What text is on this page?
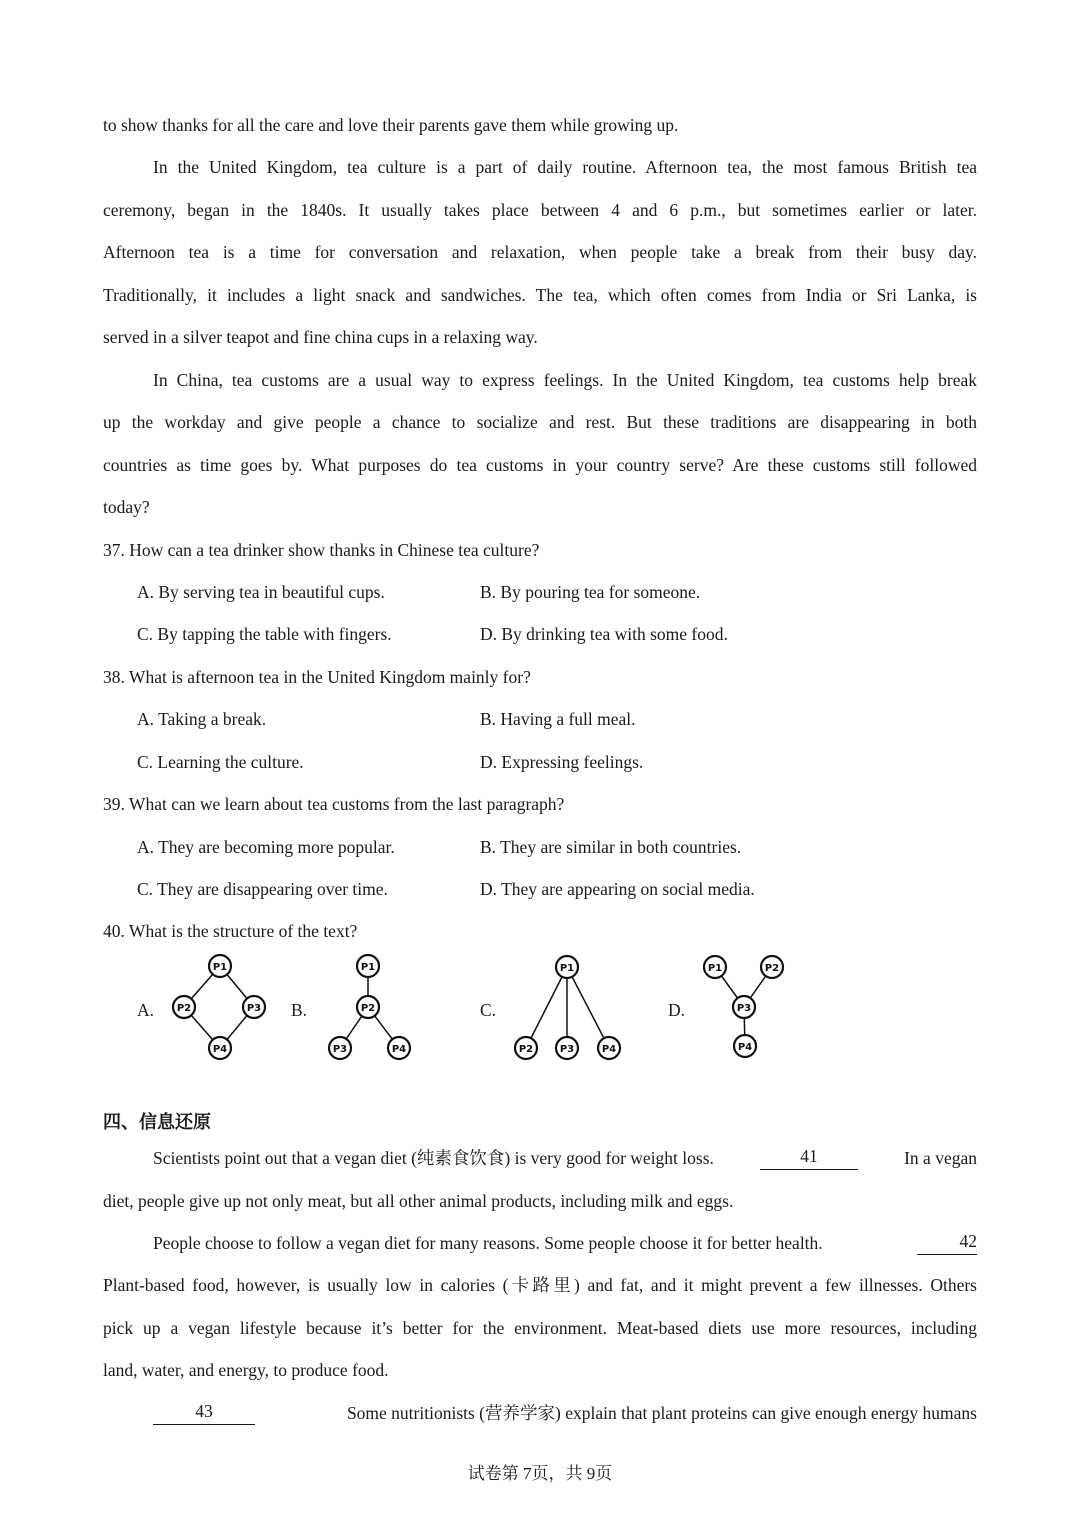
to show thanks for all the care and love their parents gave them while growing up.
In the United Kingdom, tea culture is a part of daily routine. Afternoon tea, the most famous British tea
ceremony, began in the 1840s. It usually takes place between 4 and 6 p.m., but sometimes earlier or later.
Afternoon tea is a time for conversation and relaxation, when people take a break from their busy day.
Traditionally, it includes a light snack and sandwiches. The tea, which often comes from India or Sri Lanka, is
served in a silver teapot and fine china cups in a relaxing way.
In China, tea customs are a usual way to express feelings. In the United Kingdom, tea customs help break
up the workday and give people a chance to socialize and rest. But these traditions are disappearing in both
countries as time goes by. What purposes do tea customs in your country serve? Are these customs still followed
today?
37. How can a tea drinker show thanks in Chinese tea culture?
A. By serving tea in beautiful cups.	B. By pouring tea for someone.
C. By tapping the table with fingers.	D. By drinking tea with some food.
38. What is afternoon tea in the United Kingdom mainly for?
A. Taking a break.	B. Having a full meal.
C. Learning the culture.	D. Expressing feelings.
39. What can we learn about tea customs from the last paragraph?
A. They are becoming more popular.	B. They are similar in both countries.
C. They are disappearing over time.	D. They are appearing on social media.
40. What is the structure of the text?
A.	B.	C.	D.
P1
P2	P3
P4
P1
P2
P3	P4
P1
P2	P3	P4
P1	P2
P3
P4
四、信息还原
Scientists point out that a vegan diet (纯素食饮食) is very good for weight loss.	41	In a vegan
diet, people give up not only meat, but all other animal products, including milk and eggs.
People choose to follow a vegan diet for many reasons. Some people choose it for better health.	42
Plant-based food, however, is usually low in calories (卡路里) and fat, and it might prevent a few illnesses. Others
pick up a vegan lifestyle because it’s better for the environment. Meat-based diets use more resources, including
land, water, and energy, to produce food.
43	Some nutritionists (营养学家) explain that plant proteins can give enough energy humans
试卷第 7页，共 9页
